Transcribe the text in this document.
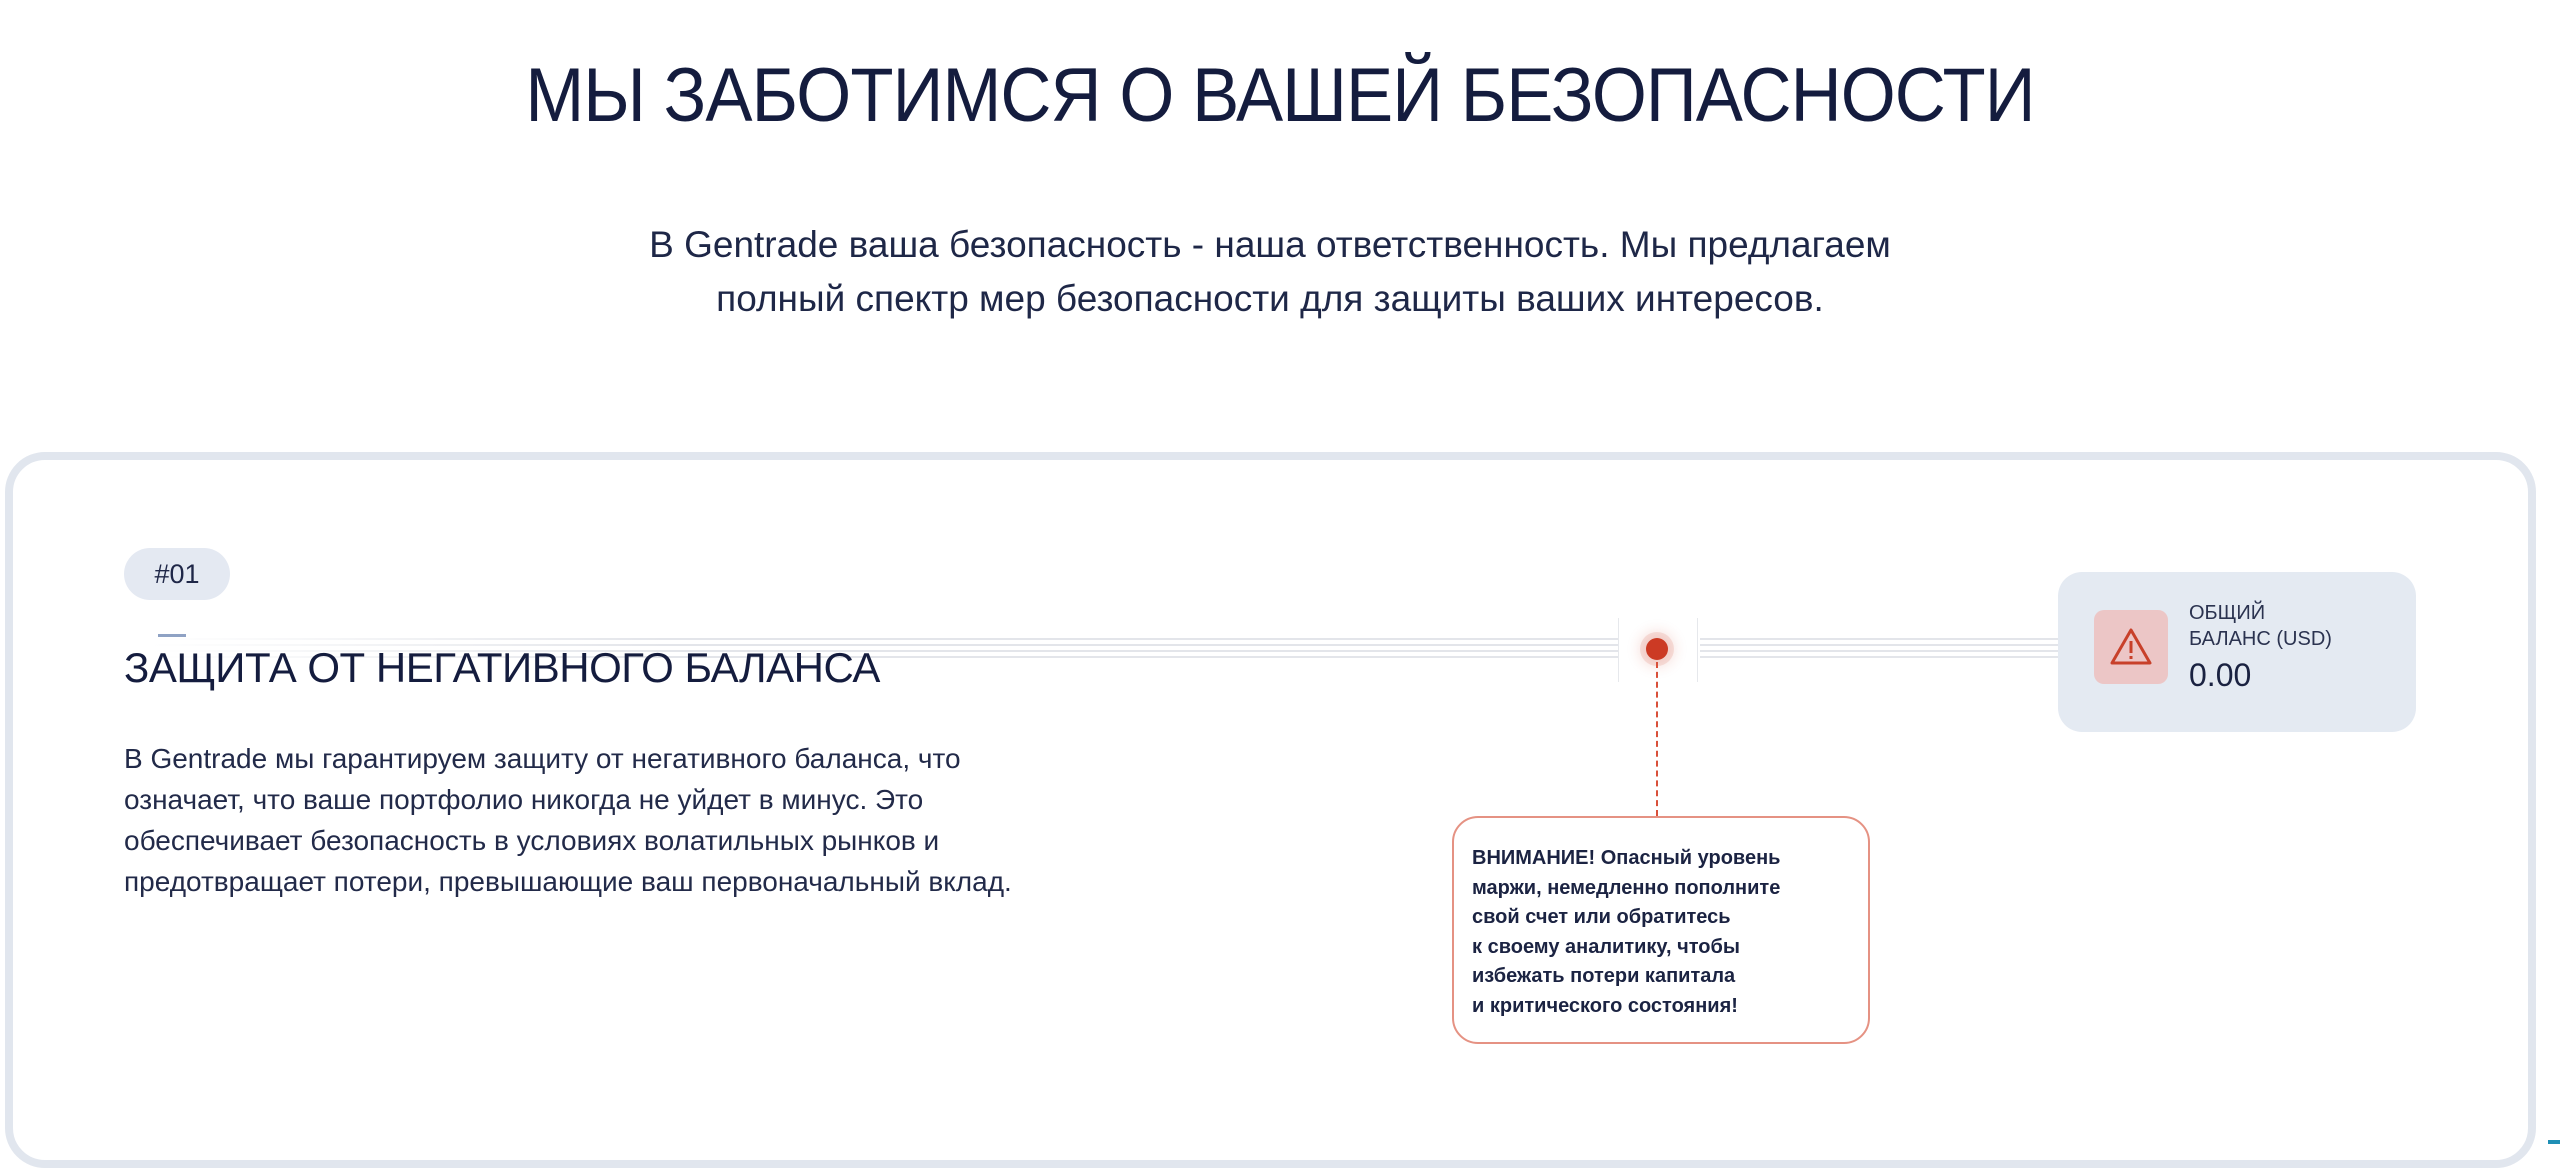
МЫ ЗАБОТИМСЯ О ВАШЕЙ БЕЗОПАСНОСТИ

В Gentrade ваша безопасность - наша ответственность. Мы предлагаем
полный спектр мер безопасности для защиты ваших интересов.

#01
ЗАЩИТА ОТ НЕГАТИВНОГО БАЛАНСА

В Gentrade мы гарантируем защиту от негативного баланса, что
означает, что ваше портфолио никогда не уйдет в минус. Это
обеспечивает безопасность в условиях волатильных рынков и
предотвращает потери, превышающие ваш первоначальный вклад.

ВНИМАНИЕ! Опасный уровень
маржи, немедленно пополните
свой счет или обратитесь
к своему аналитику, чтобы
избежать потери капитала
и критического состояния!
ОБЩИЙ
БАЛАНС (USD)
0.00
